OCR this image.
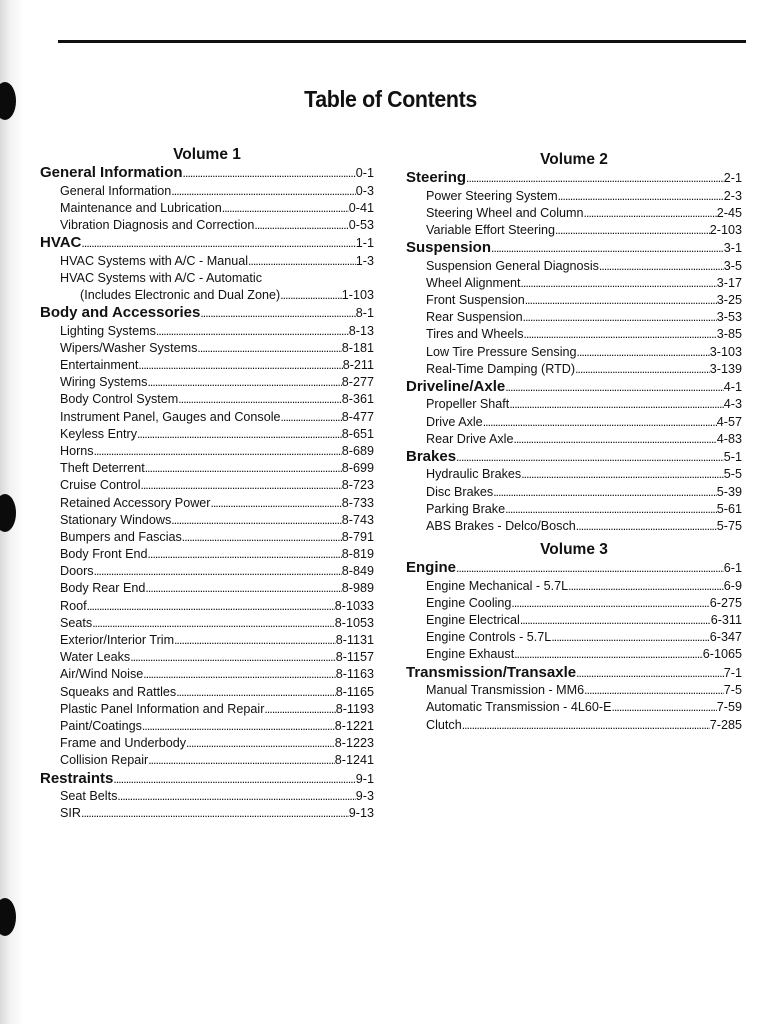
Table of Contents
Volume 1
General Information . . .	0-1
General Information . . .	0-3
Maintenance and Lubrication . . .	0-41
Vibration Diagnosis and Correction . . .	0-53
HVAC . . .	1-1
HVAC Systems with A/C - Manual . . .	1-3
HVAC Systems with A/C - Automatic
(Includes Electronic and Dual Zone) . . .	1-103
Body and Accessories . . .	8-1
Lighting Systems . . .	8-13
Wipers/Washer Systems . . .	8-181
Entertainment . . .	8-211
Wiring Systems . . .	8-277
Body Control System . . .	8-361
Instrument Panel, Gauges and Console . . .	8-477
Keyless Entry . . .	8-651
Horns . . .	8-689
Theft Deterrent . . .	8-699
Cruise Control . . .	8-723
Retained Accessory Power . . .	8-733
Stationary Windows . . .	8-743
Bumpers and Fascias . . .	8-791
Body Front End . . .	8-819
Doors . . .	8-849
Body Rear End . . .	8-989
Roof . . .	8-1033
Seats . . .	8-1053
Exterior/Interior Trim . . .	8-1131
Water Leaks . . .	8-1157
Air/Wind Noise . . .	8-1163
Squeaks and Rattles . . .	8-1165
Plastic Panel Information and Repair . . .	8-1193
Paint/Coatings . . .	8-1221
Frame and Underbody . . .	8-1223
Collision Repair . . .	8-1241
Restraints . . .	9-1
Seat Belts . . .	9-3
SIR . . .	9-13
Volume 2
Steering . . .	2-1
Power Steering System . . .	2-3
Steering Wheel and Column . . .	2-45
Variable Effort Steering . . .	2-103
Suspension . . .	3-1
Suspension General Diagnosis . . .	3-5
Wheel Alignment . . .	3-17
Front Suspension . . .	3-25
Rear Suspension . . .	3-53
Tires and Wheels . . .	3-85
Low Tire Pressure Sensing . . .	3-103
Real-Time Damping (RTD) . . .	3-139
Driveline/Axle . . .	4-1
Propeller Shaft . . .	4-3
Drive Axle . . .	4-57
Rear Drive Axle . . .	4-83
Brakes . . .	5-1
Hydraulic Brakes . . .	5-5
Disc Brakes . . .	5-39
Parking Brake . . .	5-61
ABS Brakes - Delco/Bosch . . .	5-75
Volume 3
Engine . . .	6-1
Engine Mechanical - 5.7L . . .	6-9
Engine Cooling . . .	6-275
Engine Electrical . . .	6-311
Engine Controls - 5.7L . . .	6-347
Engine Exhaust . . .	6-1065
Transmission/Transaxle . . .	7-1
Manual Transmission - MM6 . . .	7-5
Automatic Transmission - 4L60-E . . .	7-59
Clutch . . .	7-285
